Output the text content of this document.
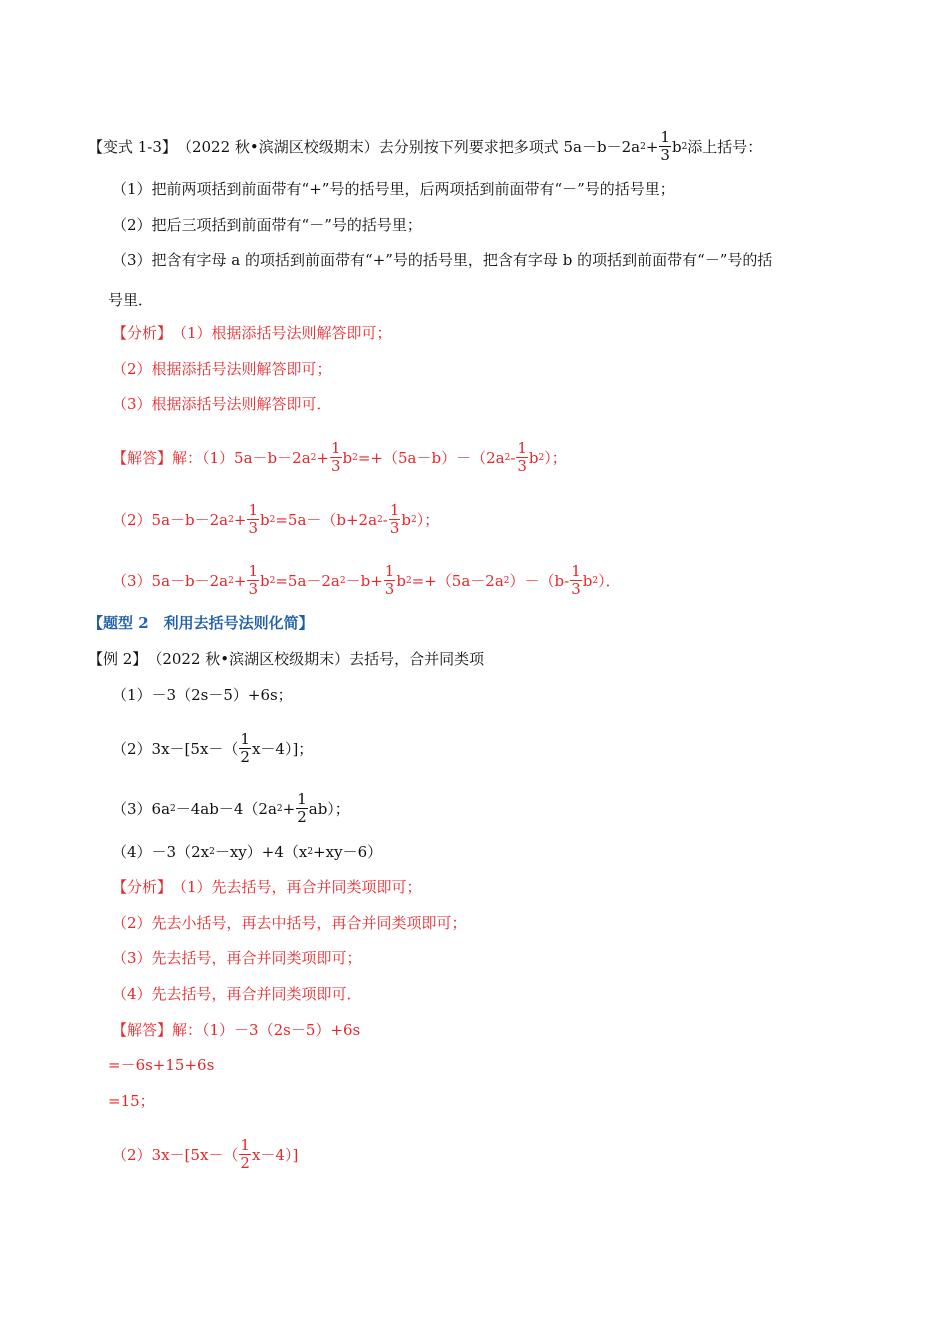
【变式 1-3】 （2022 秋•滨湖区校级期末） 去分别按下列要求把多项式 5a－b－2a $2 + \frac{1}{3}$ b 2 添上括号：
（1）把前两项括到前面带有“+”号的括号里，后两项括到前面带有“－”号的括号里；
（2）把后三项括到前面带有“－”号的括号里；
（3）把含有字母 a 的项括到前面带有“+”号的括号里，把含有字母 b 的项括到前面带有“－”号的括
号里．
【分析】 （1）根据添括号法则解答即可；
（2）根据添括号法则解答即可；
（3）根据添括号法则解答即可．
【解答】 解：（1）5a－b－2a $2 + \frac{1}{3}$ b 2 =+（5a－b）－（2a $2 - \frac{1}{3}$ b 2 ）；
（2）5a－b－2a $2 + \frac{1}{3}$ b 2 =5a－（b+2a $2 - \frac{1}{3}$ b 2 ）；
（3）5a－b－2a $2 + \frac{1}{3}$ b 2 =5a－2a $2 -b+ \frac{1}{3}$ b 2 =+（5a－2a 2 ）$-(b- \frac{1}{3}$ b 2 ）．
【题型 2　利用去括号法则化简】
【例 2】 （2022 秋•滨湖区校级期末） 去括号，合并同类项
（1）－3（2s－5）+6s；
$(2)3x-[5x-( \frac{1}{2} x-4)]$；
（3）6a 2 －4ab－4（2a $2 + \frac{1}{2} ab$）；
（4）－3（2x 2 －xy）+4（x 2 +xy－6）
【分析】 （1）先去括号，再合并同类项即可；
（2）先去小括号，再去中括号，再合并同类项即可；
（3）先去括号，再合并同类项即可；
（4）先去括号，再合并同类项即可．
【解答】 解：（1）－3（2s－5）+6s
=－6s+15+6s
=15；
$(2)3x-[5x-( \frac{1}{2} x-4)]$
